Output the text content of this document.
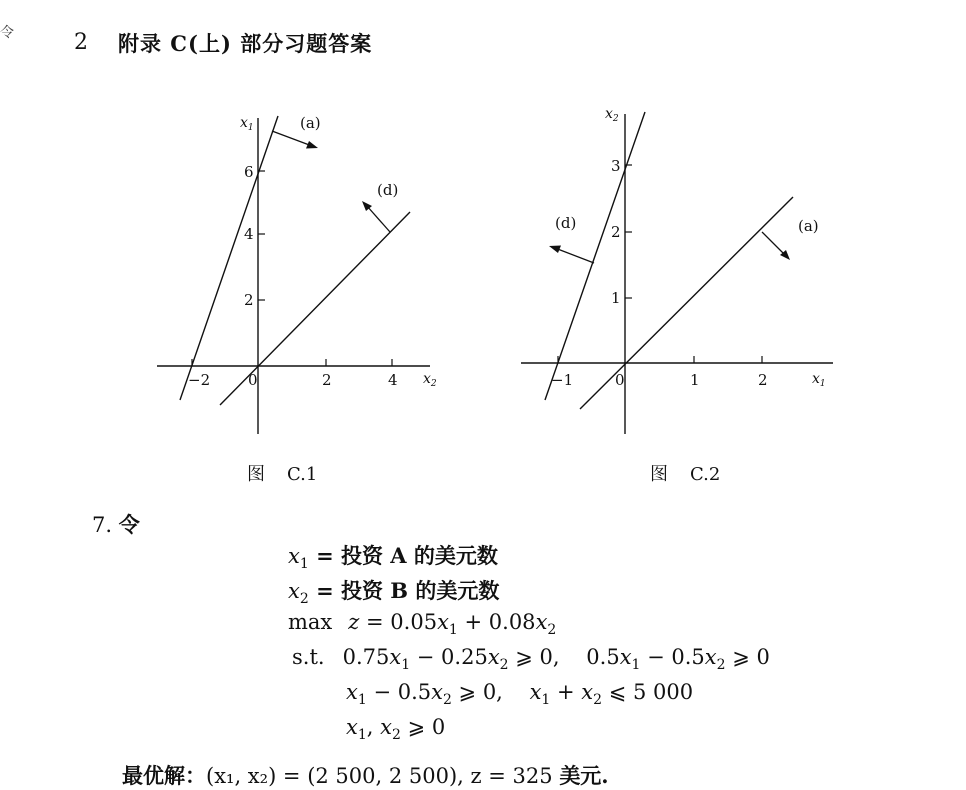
令	2 附录 C(上) 部分习题答案
$x_1$
$x_2$
−2	0	2	4
2
4
6
(a)
(d)
图 C.1
$x_2$
$x_1$
−1	0	1	2
1
2
3
(d)	(a)
图 C.2
7. 令
$x_1$ = 投资 A 的美元数
$x_2$ = 投资 B 的美元数
$\max z = 0.05x_1 + 0.08x_2$
s.t. $0.75x_1 - 0.25x_2$ ⩾ 0,    $0.5x_1 - 0.5x_2$ ⩾ 0
$x_1 - 0.5x_2$ ⩾ 0,    $x_1 + x_2$ ⩽ 5 000
$x_1$, $x_2$ ⩾ 0
最优解：(x₁, x₂) = (2 500, 2 500), z = 325 美元.
